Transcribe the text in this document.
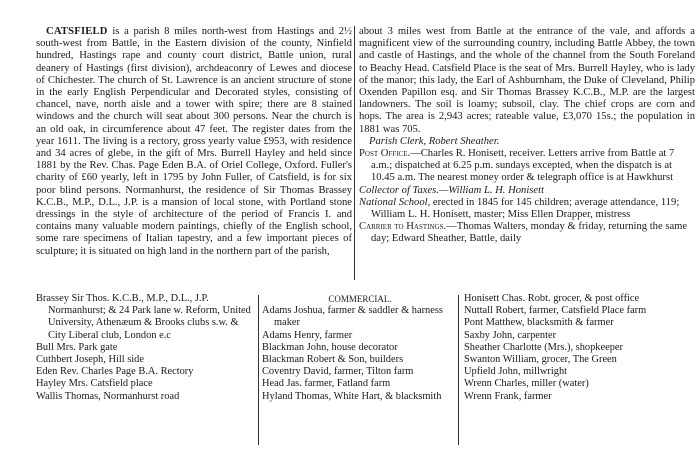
CATSFIELD is a parish 8 miles north-west from Hastings and 2½ south-west from Battle, in the Eastern division of the county, Ninfield hundred, Hastings rape and county court district, Battle union, rural deanery of Hastings (first division), archdeaconry of Lewes and diocese of Chichester. The church of St. Lawrence is an ancient structure of stone in the early English Perpendicular and Decorated styles, consisting of chancel, nave, north aisle and a tower with spire; there are 8 stained windows and the church will seat about 300 persons. Near the church is an old oak, in circumference about 47 feet. The register dates from the year 1611. The living is a rectory, gross yearly value £953, with residence and 34 acres of glebe, in the gift of Mrs. Burrell Hayley and held since 1881 by the Rev. Chas. Page Eden B.A. of Oriel College, Oxford. Fuller's charity of £60 yearly, left in 1795 by John Fuller, of Catsfield, is for six poor blind persons. Normanhurst, the residence of Sir Thomas Brassey K.C.B., M.P., D.L., J.P. is a mansion of local stone, with Portland stone dressings in the style of architecture of the period of Francis I. and contains many valuable modern paintings, chiefly of the English school, some rare specimens of Italian tapestry, and a few important pieces of sculpture; it is situated on high land in the northern part of the parish,

about 3 miles west from Battle at the entrance of the vale, and affords a magnificent view of the surrounding country, including Battle Abbey, the town and castle of Hastings, and the whole of the channel from the South Foreland to Beachy Head. Catsfield Place is the seat of Mrs. Burrell Hayley, who is lady of the manor; this lady, the Earl of Ashburnham, the Duke of Cleveland, Philip Oxenden Papillon esq. and Sir Thomas Brassey K.C.B., M.P. are the largest landowners. The soil is loamy; subsoil, clay. The chief crops are corn and hops. The area is 2,943 acres; rateable value, £3,070 15s.; the population in 1881 was 705.

Parish Clerk, Robert Sheather.

Post Office.—Charles R. Honisett, receiver. Letters arrive from Battle at 7 a.m.; dispatched at 6.25 p.m. sundays excepted, when the dispatch is at 10.45 a.m. The nearest money order & telegraph office is at Hawkhurst

Collector of Taxes.—William L. H. Honisett

National School, erected in 1845 for 145 children; average attendance, 119; William L. H. Honisett, master; Miss Ellen Drapper, mistress

Carrier to Hastings.—Thomas Walters, monday & friday, returning the same day; Edward Sheather, Battle, daily

Brassey Sir Thos. K.C.B., M.P., D.L., J.P. Normanhurst; & 24 Park lane w. Reform, United University, Athenæum & Brooks clubs s.w. & City Liberal club, London e.c

Bull Mrs. Park gate

Cuthbert Joseph, Hill side

Eden Rev. Charles Page B.A. Rectory

Hayley Mrs. Catsfield place

Wallis Thomas, Normanhurst road

COMMERCIAL.

Adams Joshua, farmer & saddler & harness maker

Adams Henry, farmer

Blackman John, house decorator

Blackman Robert & Son, builders

Coventry David, farmer, Tilton farm

Head Jas. farmer, Fatland farm

Hyland Thomas, White Hart, & blacksmith

Honisett Chas. Robt. grocer, & post office

Nuttall Robert, farmer, Catsfield Place farm

Pont Matthew, blacksmith & farmer

Saxby John, carpenter

Sheather Charlotte (Mrs.), shopkeeper

Swanton William, grocer, The Green

Upfield John, millwright

Wrenn Charles, miller (water)

Wrenn Frank, farmer
